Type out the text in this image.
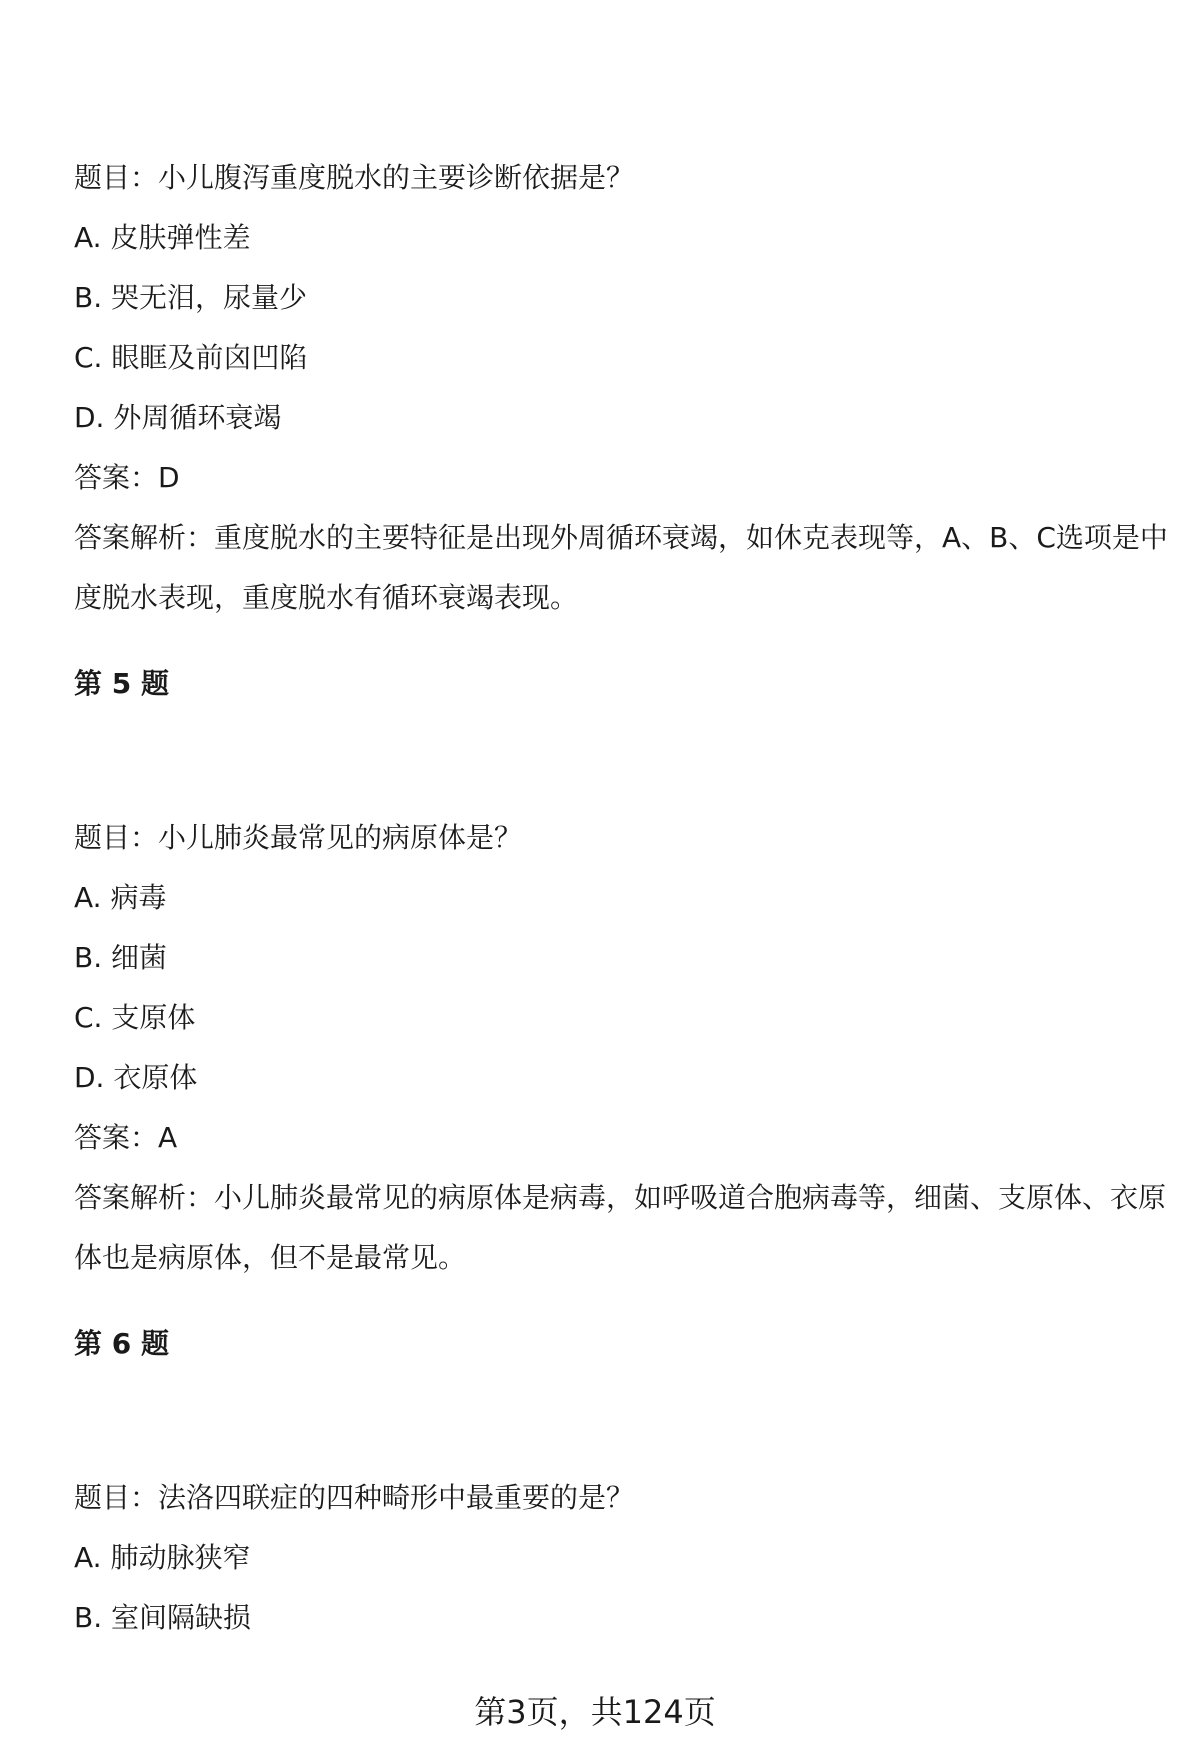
题目：小儿腹泻重度脱水的主要诊断依据是？
A. 皮肤弹性差
B. 哭无泪，尿量少
C. 眼眶及前囟凹陷
D. 外周循环衰竭
答案：D
答案解析：重度脱水的主要特征是出现外周循环衰竭，如休克表现等，A、B、C选项是中度脱水表现，重度脱水有循环衰竭表现。
第 5 题
题目：小儿肺炎最常见的病原体是？
A. 病毒
B. 细菌
C. 支原体
D. 衣原体
答案：A
答案解析：小儿肺炎最常见的病原体是病毒，如呼吸道合胞病毒等，细菌、支原体、衣原体也是病原体，但不是最常见。
第 6 题
题目：法洛四联症的四种畸形中最重要的是？
A. 肺动脉狭窄
B. 室间隔缺损
第3页，共124页
